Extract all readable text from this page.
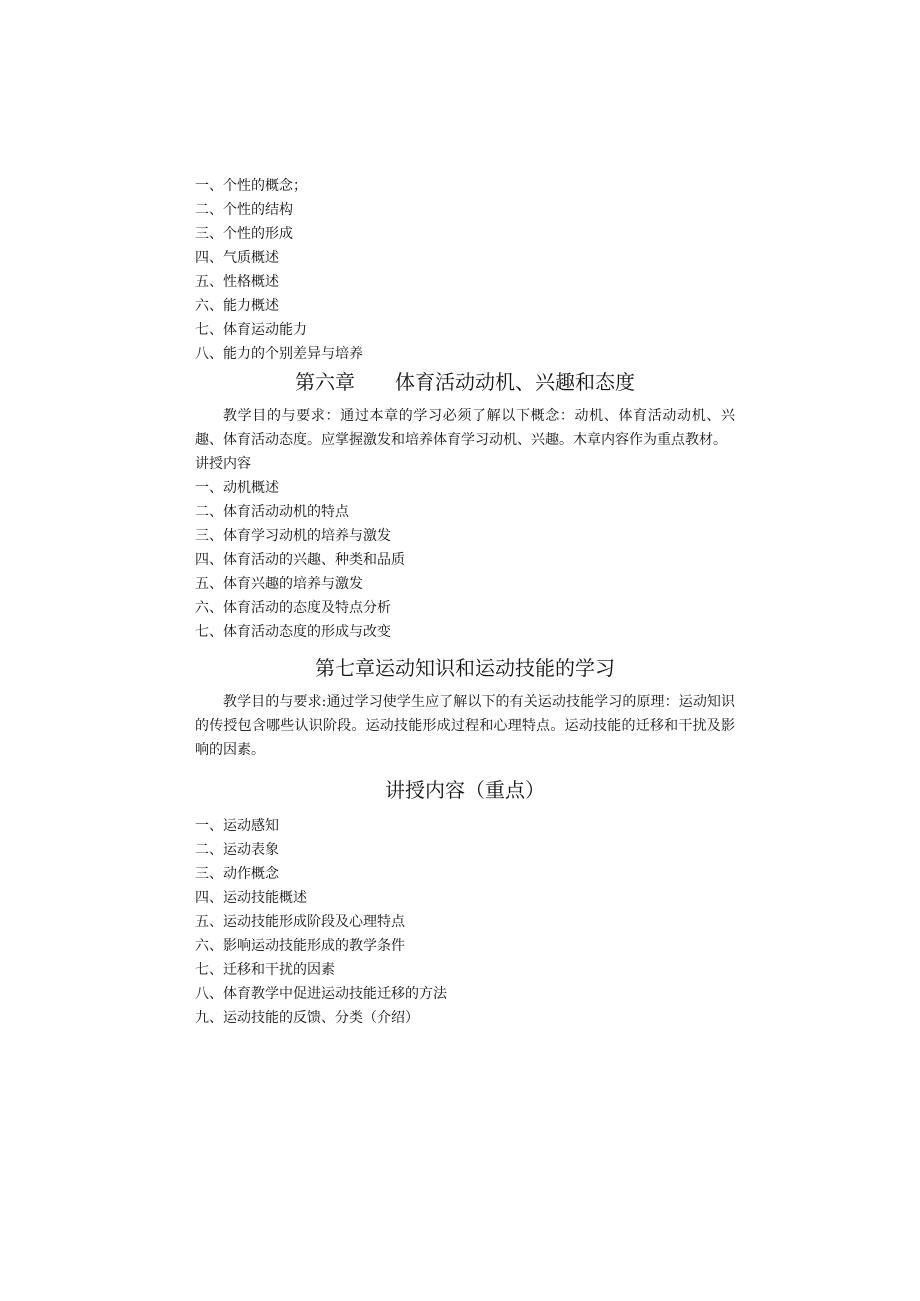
一、个性的概念；
二、个性的结构
三、个性的形成
四、气质概述
五、性格概述
六、能力概述
七、体育运动能力
八、能力的个别差异与培养
第六章 体育活动动机、兴趣和态度
教学目的与要求：通过本章的学习必须了解以下概念：动机、体育活动动机、兴趣、体育活动态度。应掌握激发和培养体育学习动机、兴趣。木章内容作为重点教材。
讲授内容
一、动机概述
二、体育活动动机的特点
三、体育学习动机的培养与激发
四、体育活动的兴趣、种类和品质
五、体育兴趣的培养与激发
六、体育活动的态度及特点分析
七、体育活动态度的形成与改变
第七章运动知识和运动技能的学习
教学目的与要求:通过学习使学生应了解以下的有关运动技能学习的原理：运动知识的传授包含哪些认识阶段。运动技能形成过程和心理特点。运动技能的迁移和干扰及影响的因素。
讲授内容（重点）
一、运动感知
二、运动表象
三、动作概念
四、运动技能概述
五、运动技能形成阶段及心理特点
六、影响运动技能形成的教学条件
七、迁移和干扰的因素
八、体育教学中促进运动技能迁移的方法
九、运动技能的反馈、分类（介绍）
